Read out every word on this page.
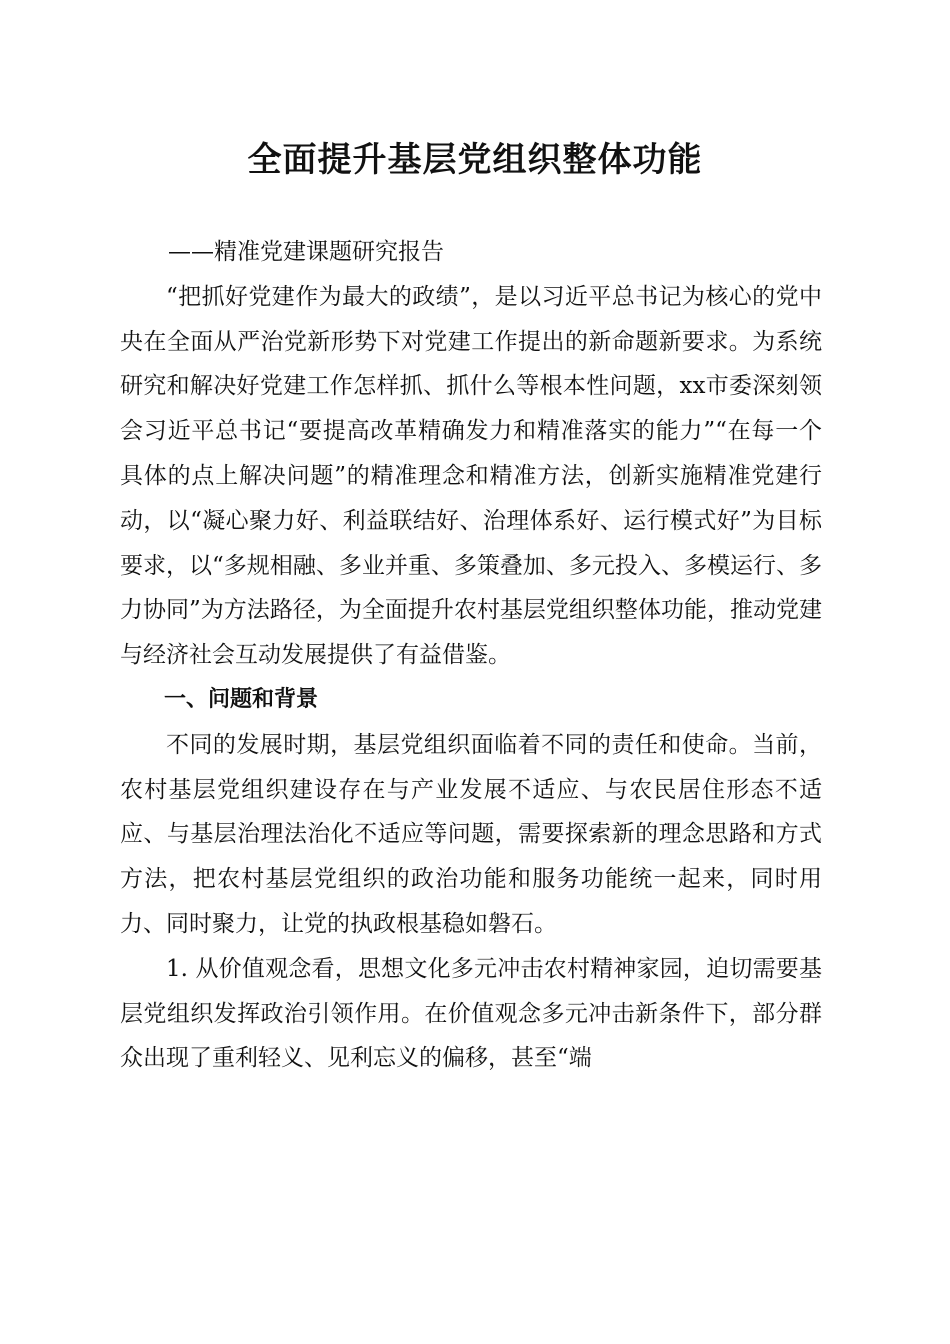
全面提升基层党组织整体功能
——精准党建课题研究报告

“把抓好党建作为最大的政绩”，是以习近平总书记为核心的党中央在全面从严治党新形势下对党建工作提出的新命题新要求。为系统研究和解决好党建工作怎样抓、抓什么等根本性问题，xx市委深刻领会习近平总书记“要提高改革精确发力和精准落实的能力”“在每一个具体的点上解决问题”的精准理念和精准方法，创新实施精准党建行动，以“凝心聚力好、利益联结好、治理体系好、运行模式好”为目标要求，以“多规相融、多业并重、多策叠加、多元投入、多模运行、多力协同”为方法路径，为全面提升农村基层党组织整体功能，推动党建与经济社会互动发展提供了有益借鉴。

一、问题和背景

不同的发展时期，基层党组织面临着不同的责任和使命。当前，农村基层党组织建设存在与产业发展不适应、与农民居住形态不适应、与基层治理法治化不适应等问题，需要探索新的理念思路和方式方法，把农村基层党组织的政治功能和服务功能统一起来，同时用力、同时聚力，让党的执政根基稳如磐石。

1. 从价值观念看，思想文化多元冲击农村精神家园，迫切需要基层党组织发挥政治引领作用。在价值观念多元冲击新条件下，部分群众出现了重利轻义、见利忘义的偏移，甚至“端
